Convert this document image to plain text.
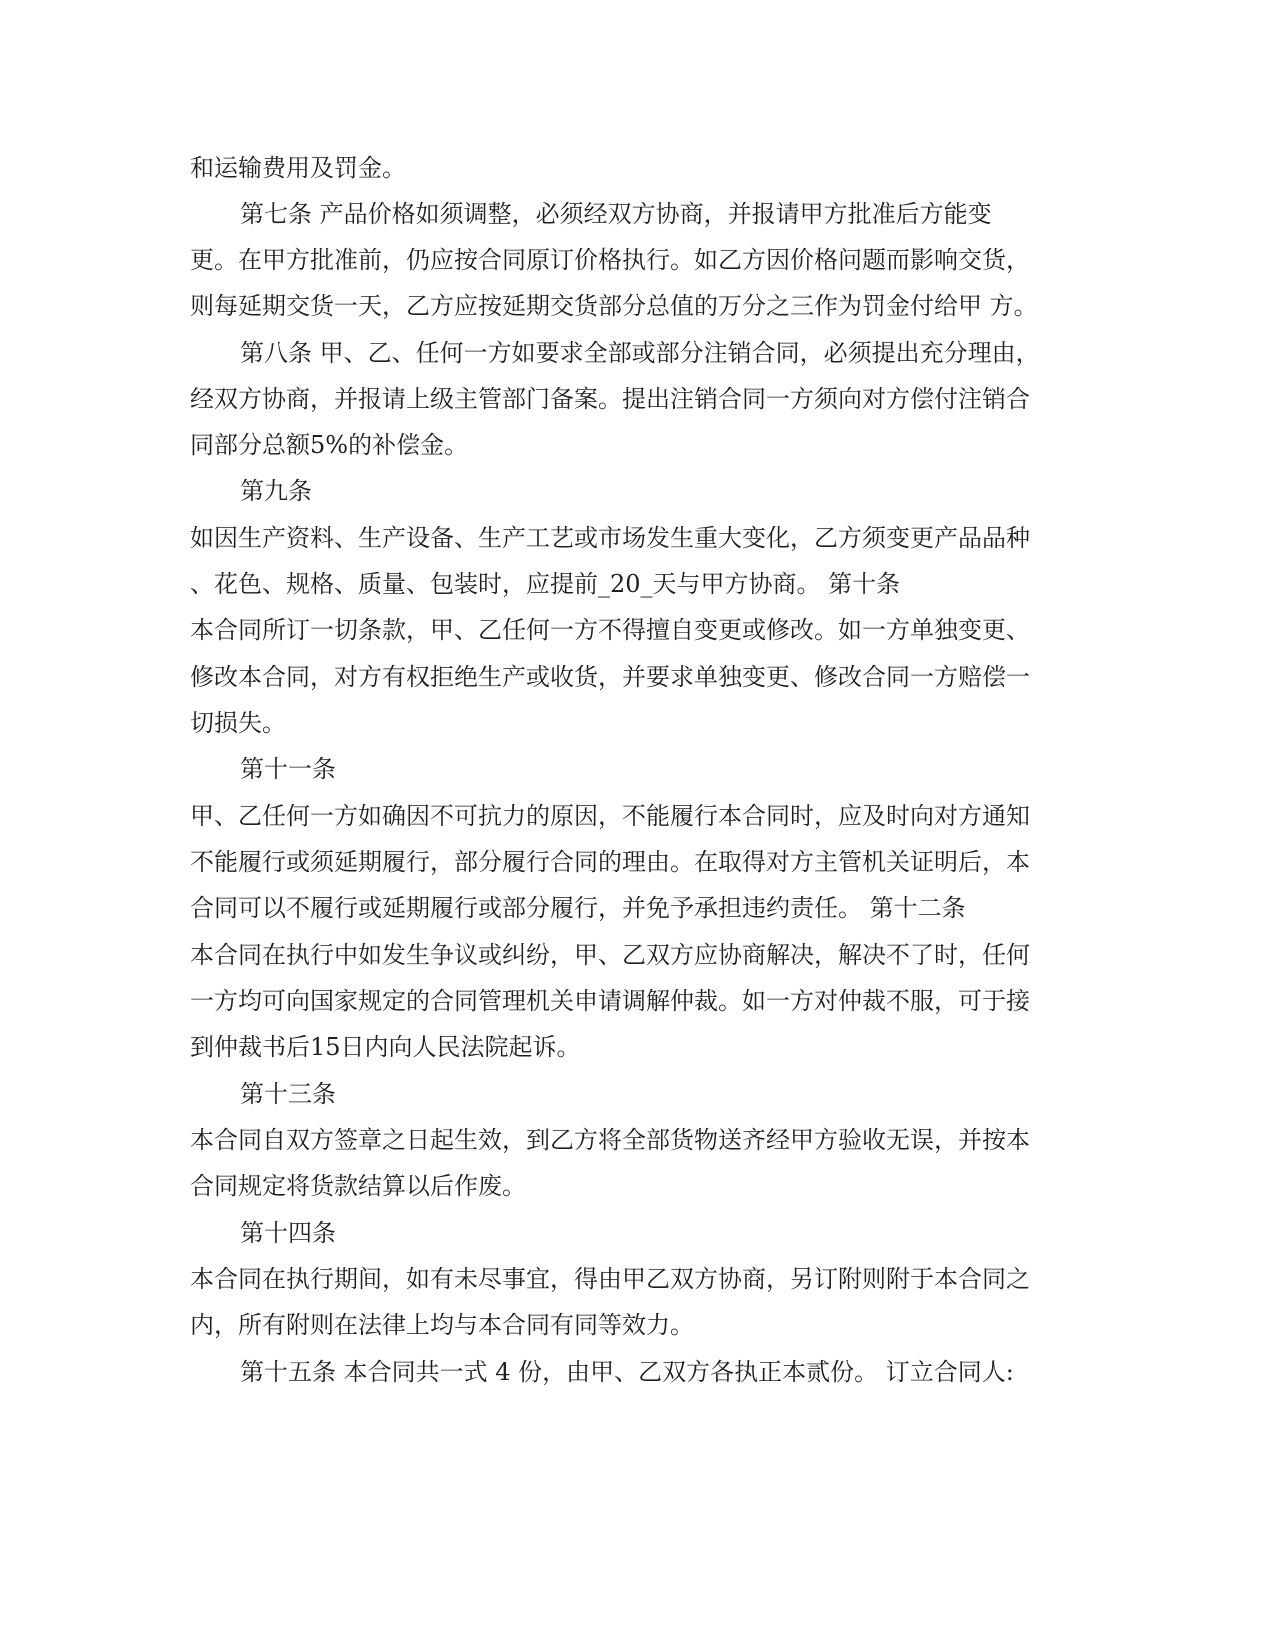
和运输费用及罚金。
第七条 产品价格如须调整，必须经双方协商，并报请甲方批准后方能变
更。在甲方批准前，仍应按合同原订价格执行。如乙方因价格问题而影响交货，
则每延期交货一天，乙方应按延期交货部分总值的万分之三作为罚金付给甲 方。
第八条 甲、乙、任何一方如要求全部或部分注销合同，必须提出充分理由，
经双方协商，并报请上级主管部门备案。提出注销合同一方须向对方偿付注销合
同部分总额5%的补偿金。
第九条
如因生产资料、生产设备、生产工艺或市场发生重大变化，乙方须变更产品品种
、花色、规格、质量、包装时，应提前_20_天与甲方协商。 第十条
本合同所订一切条款，甲、乙任何一方不得擅自变更或修改。如一方单独变更、
修改本合同，对方有权拒绝生产或收货，并要求单独变更、修改合同一方赔偿一
切损失。
第十一条
甲、乙任何一方如确因不可抗力的原因，不能履行本合同时，应及时向对方通知
不能履行或须延期履行，部分履行合同的理由。在取得对方主管机关证明后，本
合同可以不履行或延期履行或部分履行，并免予承担违约责任。 第十二条
本合同在执行中如发生争议或纠纷，甲、乙双方应协商解决，解决不了时，任何
一方均可向国家规定的合同管理机关申请调解仲裁。如一方对仲裁不服，可于接
到仲裁书后15日内向人民法院起诉。
第十三条
本合同自双方签章之日起生效，到乙方将全部货物送齐经甲方验收无误，并按本
合同规定将货款结算以后作废。
第十四条
本合同在执行期间，如有未尽事宜，得由甲乙双方协商，另订附则附于本合同之
内，所有附则在法律上均与本合同有同等效力。
第十五条 本合同共一式 4 份，由甲、乙双方各执正本贰份。 订立合同人:
